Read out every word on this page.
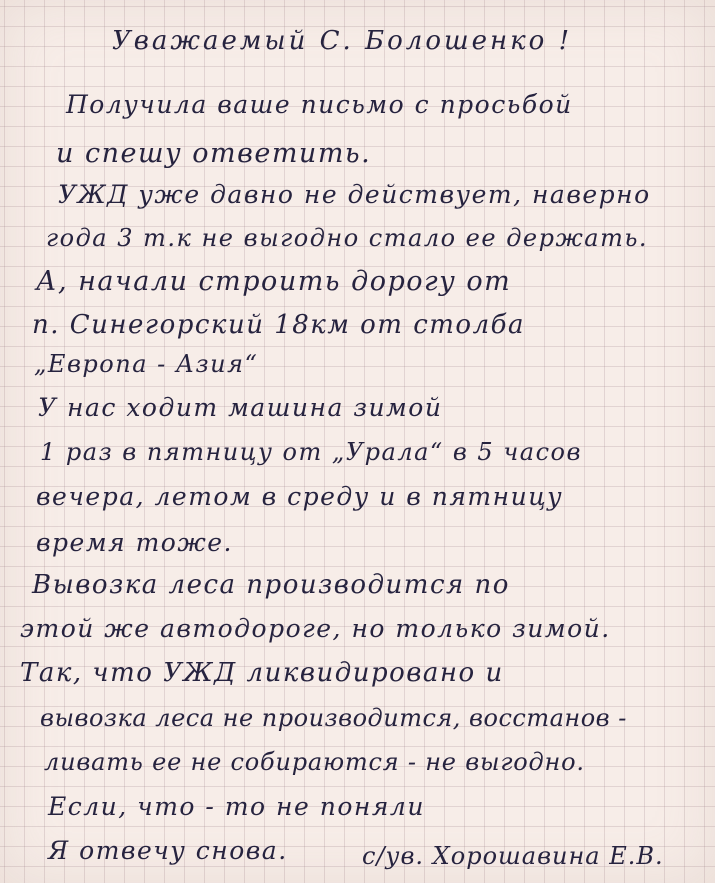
Уважаемый С. Болошенко !
Получила ваше письмо с просьбой
и спешу ответить.
УЖД уже давно не действует, наверно
года 3 т.к не выгодно стало ее держать.
А, начали строить дорогу от
п. Синегорский 18км от столба
„Европа - Азия“
У нас ходит машина зимой
1 раз в пятницу от „Урала“ в 5 часов
вечера, летом в среду и в пятницу
время тоже.
Вывозка леса производится по
этой же автодороге, но только зимой.
Так, что УЖД ликвидировано и
вывозка леса не производится, восстанов -
ливать ее не собираются - не выгодно.
Если, что - то не поняли
Я отвечу снова.	с/ув. Хорошавина Е.В.
